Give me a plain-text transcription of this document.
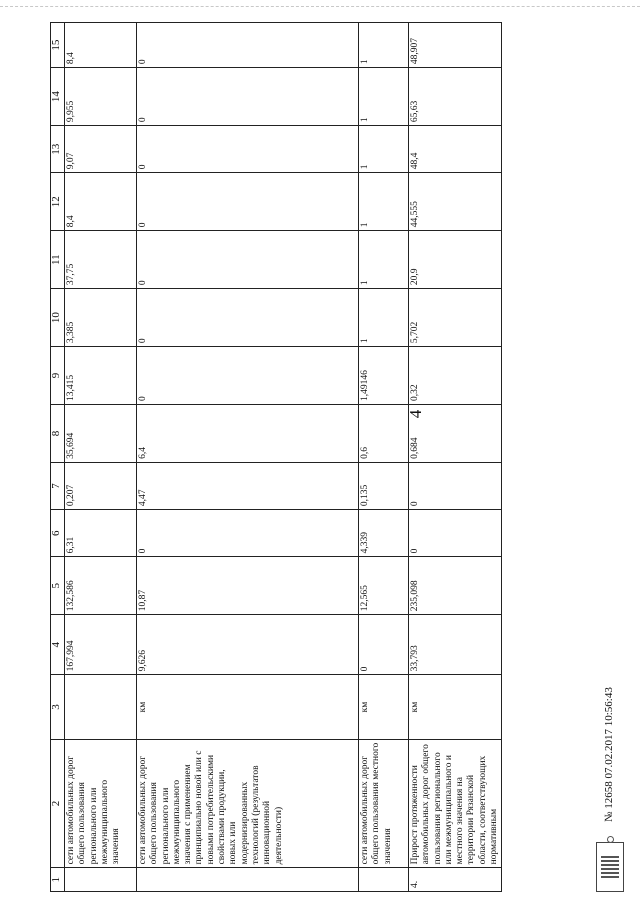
4
1	2	3	4	5	6	7	8	9	10	11	12	13	14	15
	сети автомобильных дорог общего пользования регионального или межмуниципального значения		167,994	132,586	6,31	0,207	35,694	13,415	3,385	37,75	8,4	9,07	9,955	8,4
	сети автомобильных дорог общего пользования регионального или межмуниципального значения с применением принципиально новой или с новыми потребительскими свойствами продукции, новых или модернизированных технологий (результатов инновационной деятельности)	км	9,626	10,87	0	4,47	6,4	0	0	0	0	0	0	0
	сети автомобильных дорог общего пользования местного значения	км	0	12,565	4,339	0,135	0,6	1,49146	1	1	1	1	1	1
4.	Прирост протяженности автомобильных дорог общего пользования регионального или межмуниципального и местного значения на территории Рязанской области, соответствующих нормативным	км	33,793	235,098	0	0	0,684	0,32	5,702	20,9	44,555	48,4	65,63	48,907
№ 12658 07.02.2017 10:56:43
